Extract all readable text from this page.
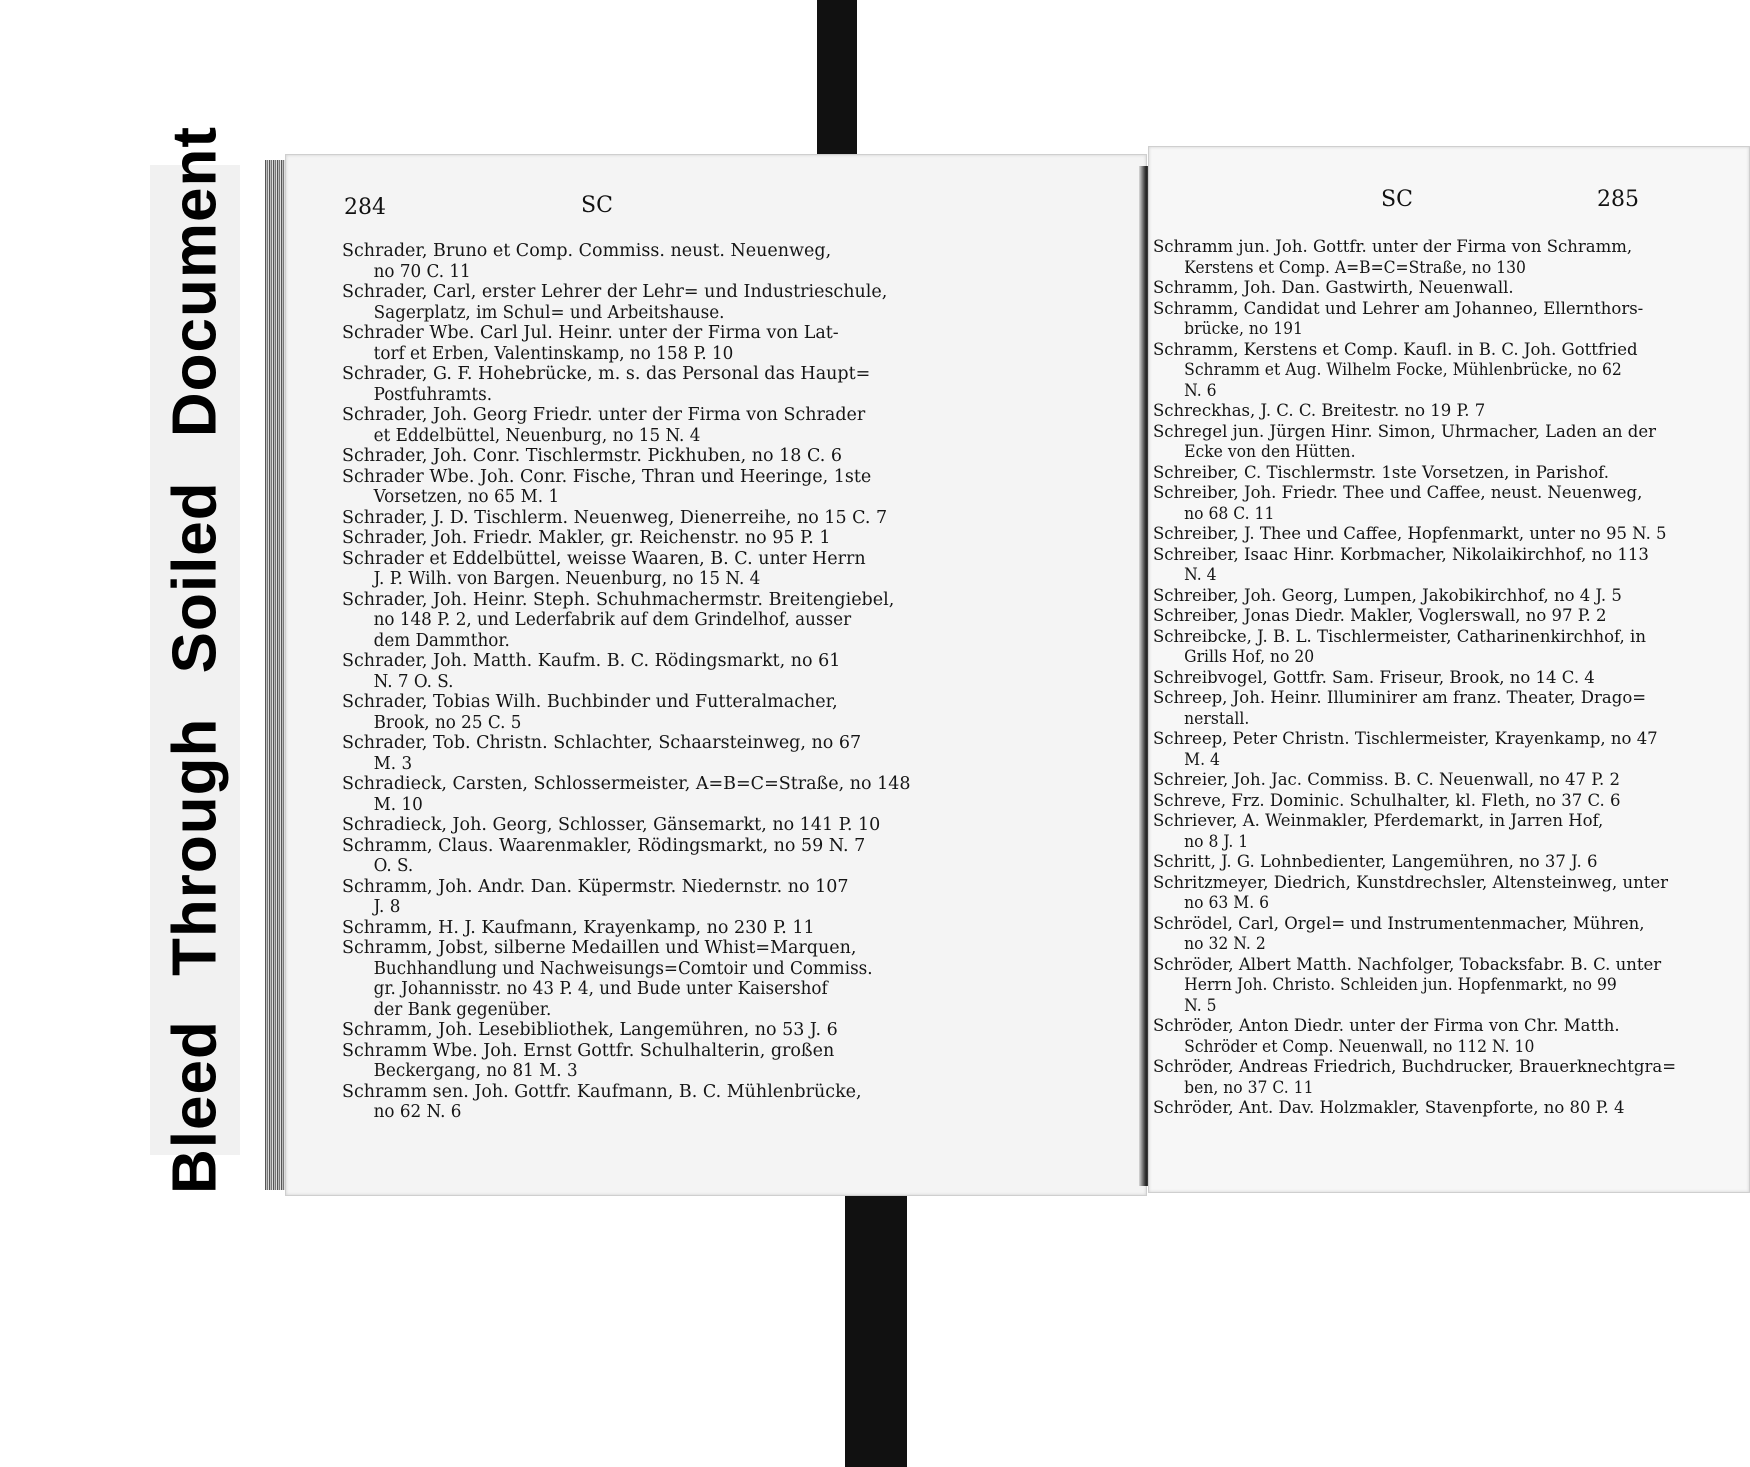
Bleed Through Soiled Document	284	SC
Schrader, Bruno et Comp. Commiss. neust. Neuenweg,
no 70 C. 11
Schrader, Carl, erster Lehrer der Lehr= und Industrieschule,
Sagerplatz, im Schul= und Arbeitshause.
Schrader Wbe. Carl Jul. Heinr. unter der Firma von Lat-
torf et Erben, Valentinskamp, no 158 P. 10
Schrader, G. F. Hohebrücke, m. s. das Personal das Haupt=
Postfuhramts.
Schrader, Joh. Georg Friedr. unter der Firma von Schrader
et Eddelbüttel, Neuenburg, no 15 N. 4
Schrader, Joh. Conr. Tischlermstr. Pickhuben, no 18 C. 6
Schrader Wbe. Joh. Conr. Fische, Thran und Heeringe, 1ste
Vorsetzen, no 65 M. 1
Schrader, J. D. Tischlerm. Neuenweg, Dienerreihe, no 15 C. 7
Schrader, Joh. Friedr. Makler, gr. Reichenstr. no 95 P. 1
Schrader et Eddelbüttel, weisse Waaren, B. C. unter Herrn
J. P. Wilh. von Bargen. Neuenburg, no 15 N. 4
Schrader, Joh. Heinr. Steph. Schuhmachermstr. Breitengiebel,
no 148 P. 2, und Lederfabrik auf dem Grindelhof, ausser
dem Dammthor.
Schrader, Joh. Matth. Kaufm. B. C. Rödingsmarkt, no 61
N. 7 O. S.
Schrader, Tobias Wilh. Buchbinder und Futteralmacher,
Brook, no 25 C. 5
Schrader, Tob. Christn. Schlachter, Schaarsteinweg, no 67
M. 3
Schradieck, Carsten, Schlossermeister, A=B=C=Straße, no 148
M. 10
Schradieck, Joh. Georg, Schlosser, Gänsemarkt, no 141 P. 10
Schramm, Claus. Waarenmakler, Rödingsmarkt, no 59 N. 7
O. S.
Schramm, Joh. Andr. Dan. Küpermstr. Niedernstr. no 107
J. 8
Schramm, H. J. Kaufmann, Krayenkamp, no 230 P. 11
Schramm, Jobst, silberne Medaillen und Whist=Marquen,
Buchhandlung und Nachweisungs=Comtoir und Commiss.
gr. Johannisstr. no 43 P. 4, und Bude unter Kaisershof
der Bank gegenüber.
Schramm, Joh. Lesebibliothek, Langemühren, no 53 J. 6
Schramm Wbe. Joh. Ernst Gottfr. Schulhalterin, großen
Beckergang, no 81 M. 3
Schramm sen. Joh. Gottfr. Kaufmann, B. C. Mühlenbrücke,
no 62 N. 6
SC	285
Schramm jun. Joh. Gottfr. unter der Firma von Schramm,
Kerstens et Comp. A=B=C=Straße, no 130
Schramm, Joh. Dan. Gastwirth, Neuenwall.
Schramm, Candidat und Lehrer am Johanneo, Ellernthors-
brücke, no 191
Schramm, Kerstens et Comp. Kaufl. in B. C. Joh. Gottfried
Schramm et Aug. Wilhelm Focke, Mühlenbrücke, no 62
N. 6
Schreckhas, J. C. C. Breitestr. no 19 P. 7
Schregel jun. Jürgen Hinr. Simon, Uhrmacher, Laden an der
Ecke von den Hütten.
Schreiber, C. Tischlermstr. 1ste Vorsetzen, in Parishof.
Schreiber, Joh. Friedr. Thee und Caffee, neust. Neuenweg,
no 68 C. 11
Schreiber, J. Thee und Caffee, Hopfenmarkt, unter no 95 N. 5
Schreiber, Isaac Hinr. Korbmacher, Nikolaikirchhof, no 113
N. 4
Schreiber, Joh. Georg, Lumpen, Jakobikirchhof, no 4 J. 5
Schreiber, Jonas Diedr. Makler, Voglerswall, no 97 P. 2
Schreibcke, J. B. L. Tischlermeister, Catharinenkirchhof, in
Grills Hof, no 20
Schreibvogel, Gottfr. Sam. Friseur, Brook, no 14 C. 4
Schreep, Joh. Heinr. Illuminirer am franz. Theater, Drago=
nerstall.
Schreep, Peter Christn. Tischlermeister, Krayenkamp, no 47
M. 4
Schreier, Joh. Jac. Commiss. B. C. Neuenwall, no 47 P. 2
Schreve, Frz. Dominic. Schulhalter, kl. Fleth, no 37 C. 6
Schriever, A. Weinmakler, Pferdemarkt, in Jarren Hof,
no 8 J. 1
Schritt, J. G. Lohnbedienter, Langemühren, no 37 J. 6
Schritzmeyer, Diedrich, Kunstdrechsler, Altensteinweg, unter
no 63 M. 6
Schrödel, Carl, Orgel= und Instrumentenmacher, Mühren,
no 32 N. 2
Schröder, Albert Matth. Nachfolger, Tobacksfabr. B. C. unter
Herrn Joh. Christo. Schleiden jun. Hopfenmarkt, no 99
N. 5
Schröder, Anton Diedr. unter der Firma von Chr. Matth.
Schröder et Comp. Neuenwall, no 112 N. 10
Schröder, Andreas Friedrich, Buchdrucker, Brauerknechtgra=
ben, no 37 C. 11
Schröder, Ant. Dav. Holzmakler, Stavenpforte, no 80 P. 4
